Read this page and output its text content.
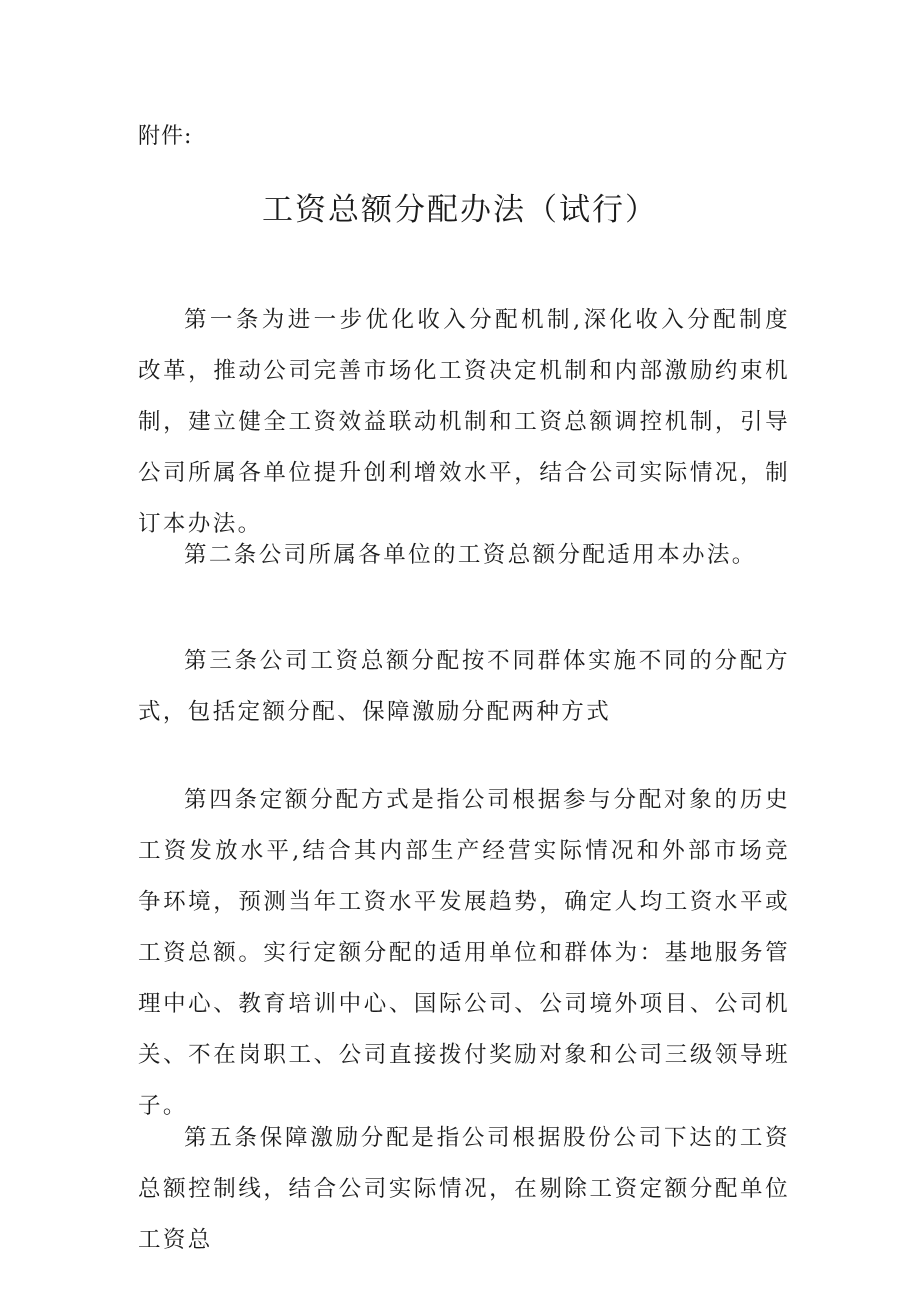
附件:
工资总额分配办法（试行）

第一条为进一步优化收入分配机制,深化收入分配制度改革，推动公司完善市场化工资决定机制和内部激励约束机制，建立健全工资效益联动机制和工资总额调控机制，引导公司所属各单位提升创利增效水平，结合公司实际情况，制订本办法。

第二条公司所属各单位的工资总额分配适用本办法。

第三条公司工资总额分配按不同群体实施不同的分配方式，包括定额分配、保障激励分配两种方式

第四条定额分配方式是指公司根据参与分配对象的历史工资发放水平,结合其内部生产经营实际情况和外部市场竞争环境，预测当年工资水平发展趋势，确定人均工资水平或工资总额。实行定额分配的适用单位和群体为：基地服务管理中心、教育培训中心、国际公司、公司境外项目、公司机关、不在岗职工、公司直接拨付奖励对象和公司三级领导班子。

第五条保障激励分配是指公司根据股份公司下达的工资总额控制线，结合公司实际情况，在剔除工资定额分配单位工资总
